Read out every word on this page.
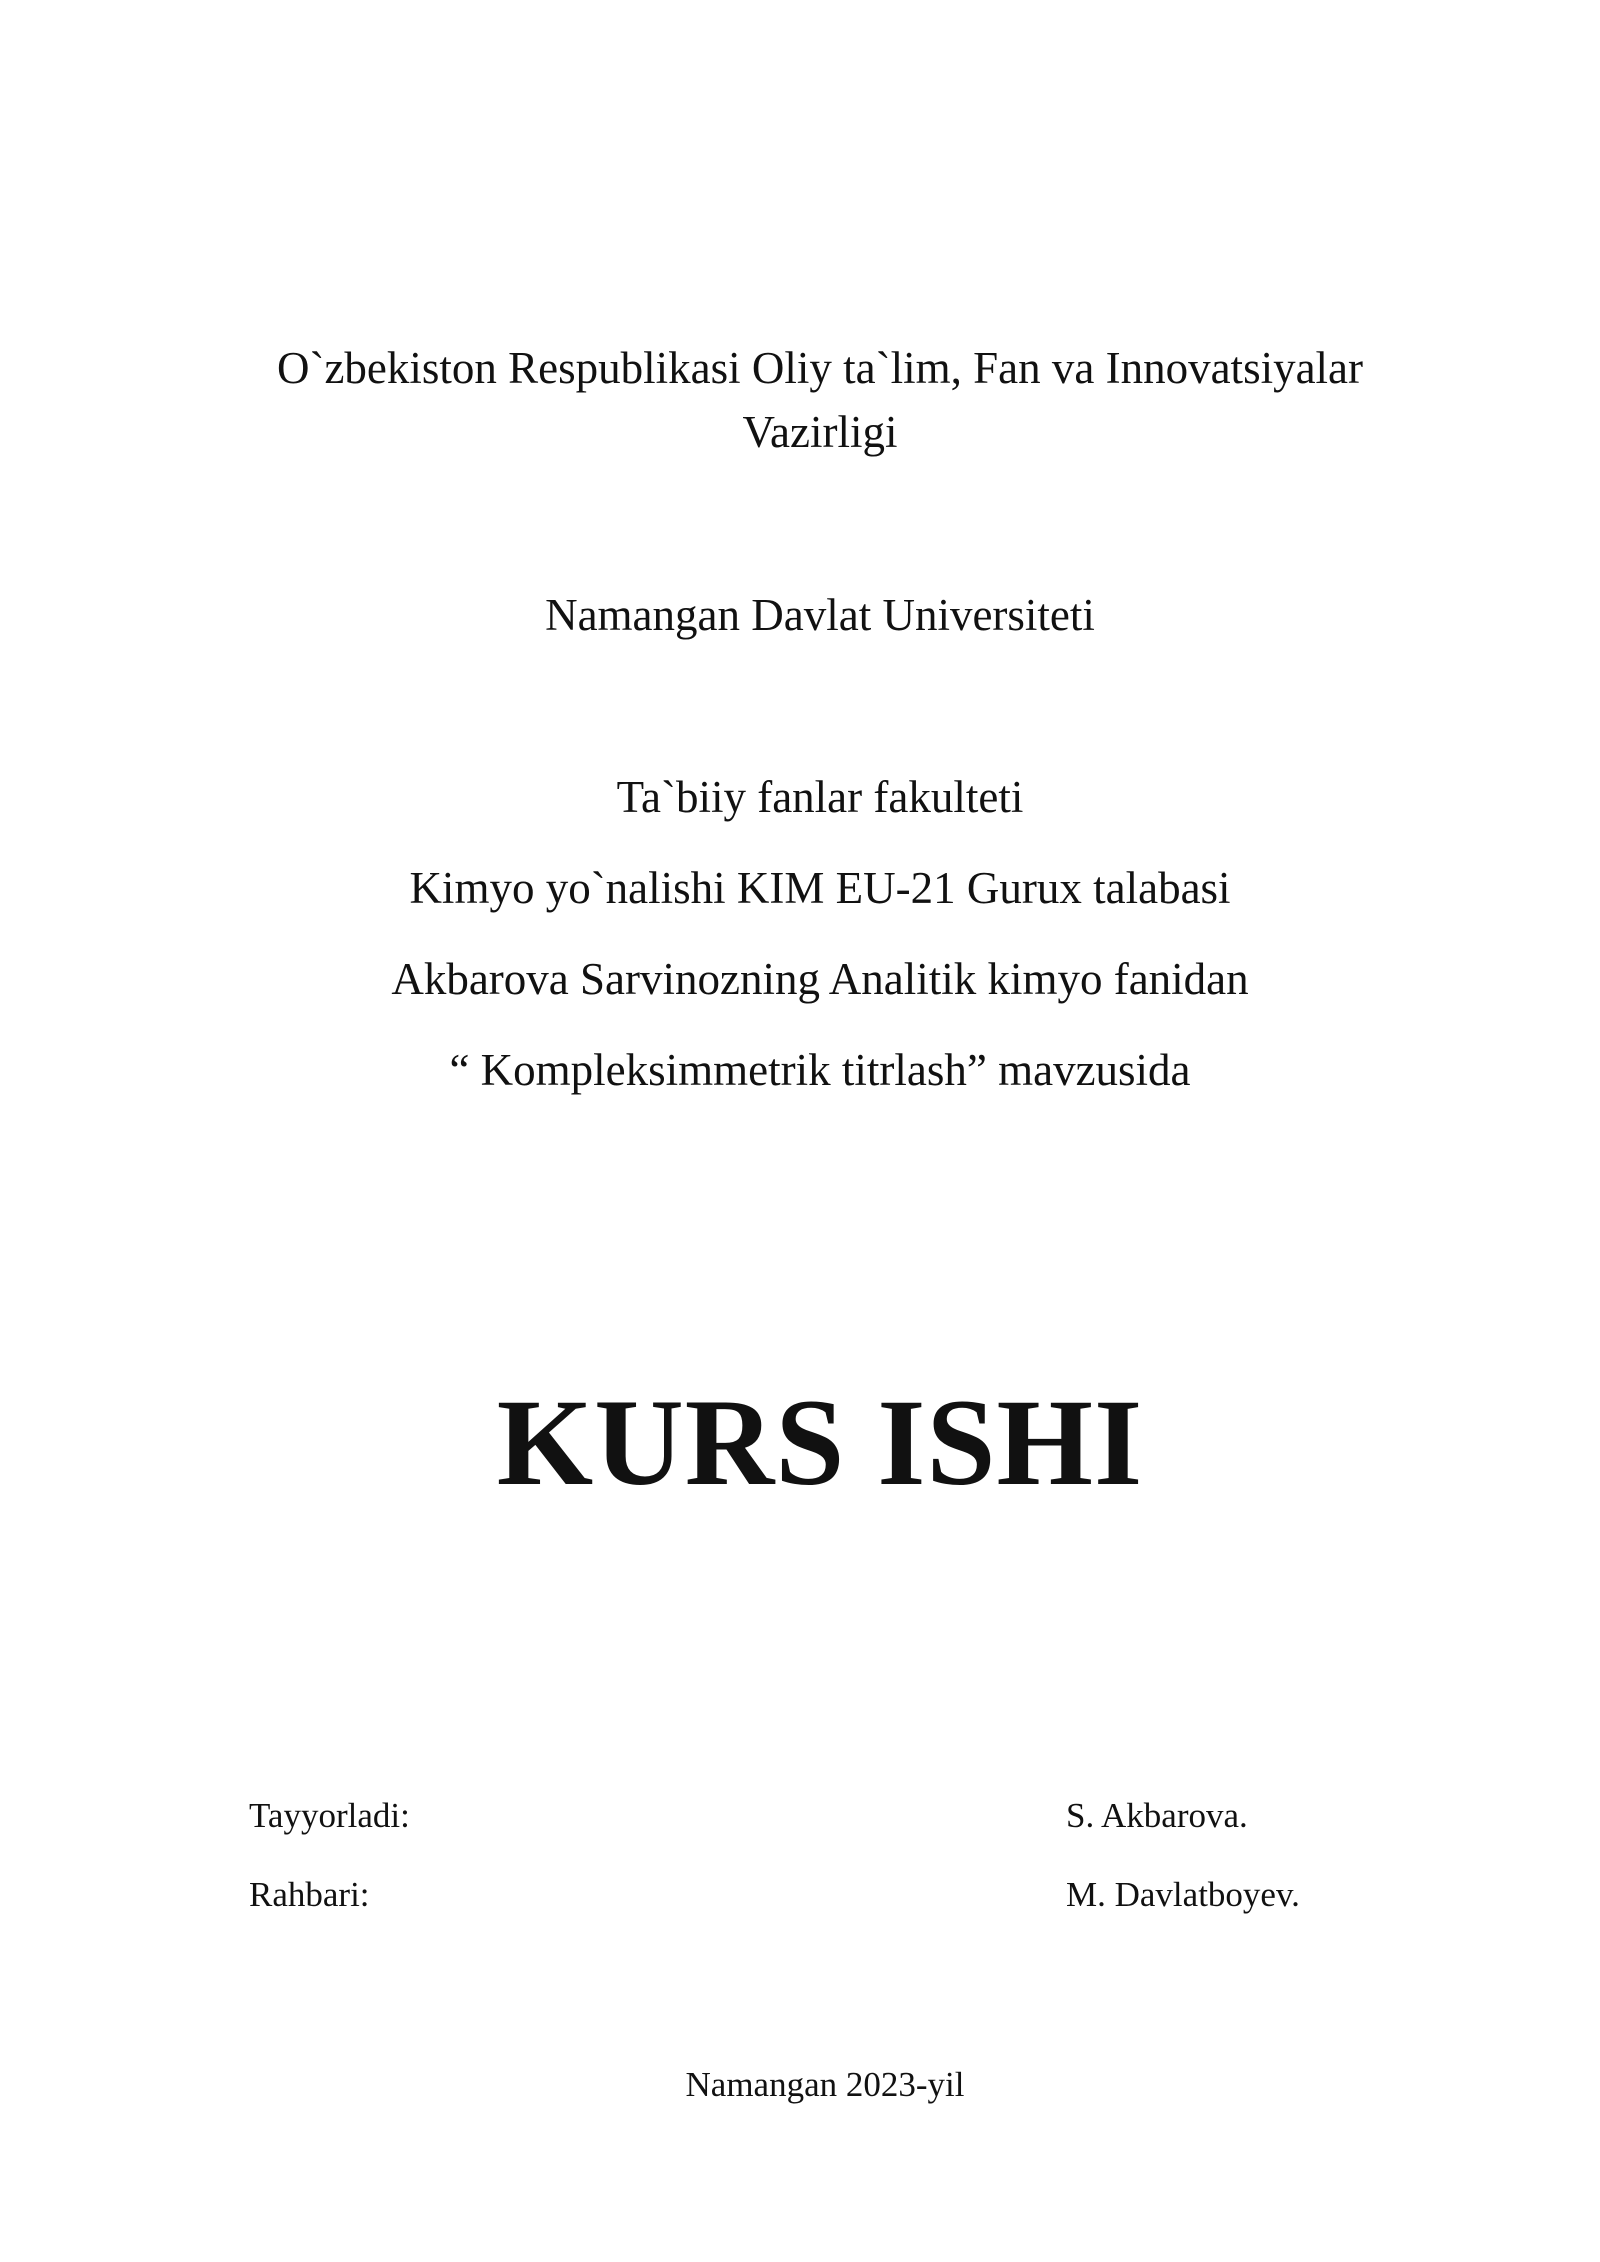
O`zbekiston Respublikasi Oliy ta`lim, Fan va Innovatsiyalar
Vazirligi
Namangan Davlat Universiteti
Ta`biiy fanlar fakulteti
Kimyo yo`nalishi KIM EU-21 Gurux talabasi
Akbarova Sarvinozning Analitik kimyo fanidan
“ Kompleksimmetrik titrlash” mavzusida
KURS ISHI
Tayyorladi:	S. Akbarova.
Rahbari:	M. Davlatboyev.
Namangan 2023-yil
